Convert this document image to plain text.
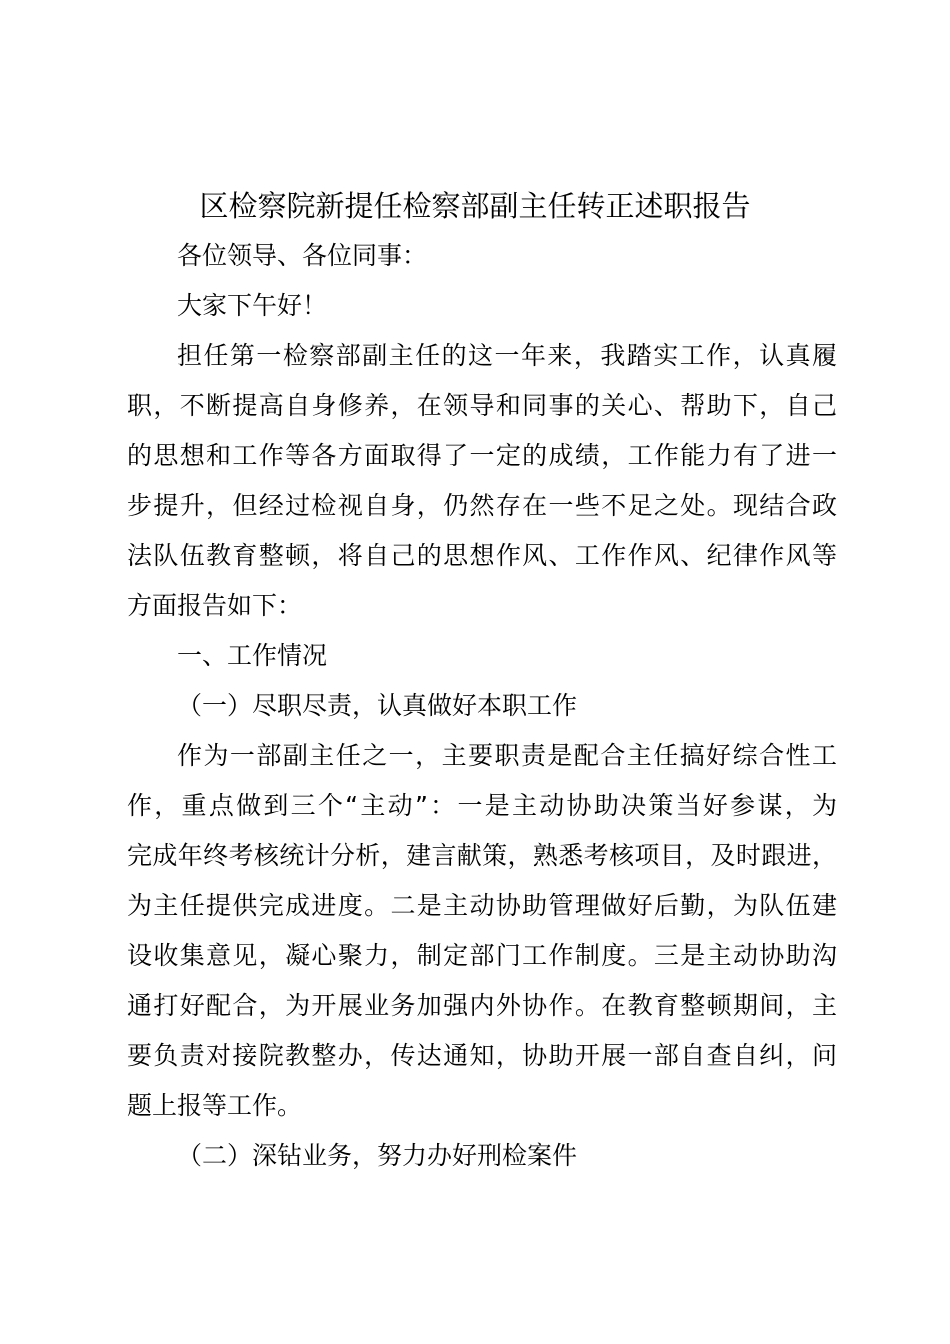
区检察院新提任检察部副主任转正述职报告
各位领导、各位同事：
大家下午好！
担任第一检察部副主任的这一年来，我踏实工作，认真履
职，不断提高自身修养，在领导和同事的关心、帮助下，自己
的思想和工作等各方面取得了一定的成绩，工作能力有了进一
步提升，但经过检视自身，仍然存在一些不足之处。现结合政
法队伍教育整顿，将自己的思想作风、工作作风、纪律作风等
方面报告如下：
一、工作情况
（一）尽职尽责，认真做好本职工作
作为一部副主任之一，主要职责是配合主任搞好综合性工
作，重点做到三个“主动”：一是主动协助决策当好参谋，为
完成年终考核统计分析，建言献策，熟悉考核项目，及时跟进，
为主任提供完成进度。二是主动协助管理做好后勤，为队伍建
设收集意见，凝心聚力，制定部门工作制度。三是主动协助沟
通打好配合，为开展业务加强内外协作。在教育整顿期间，主
要负责对接院教整办，传达通知，协助开展一部自查自纠，问
题上报等工作。
（二）深钻业务，努力办好刑检案件
